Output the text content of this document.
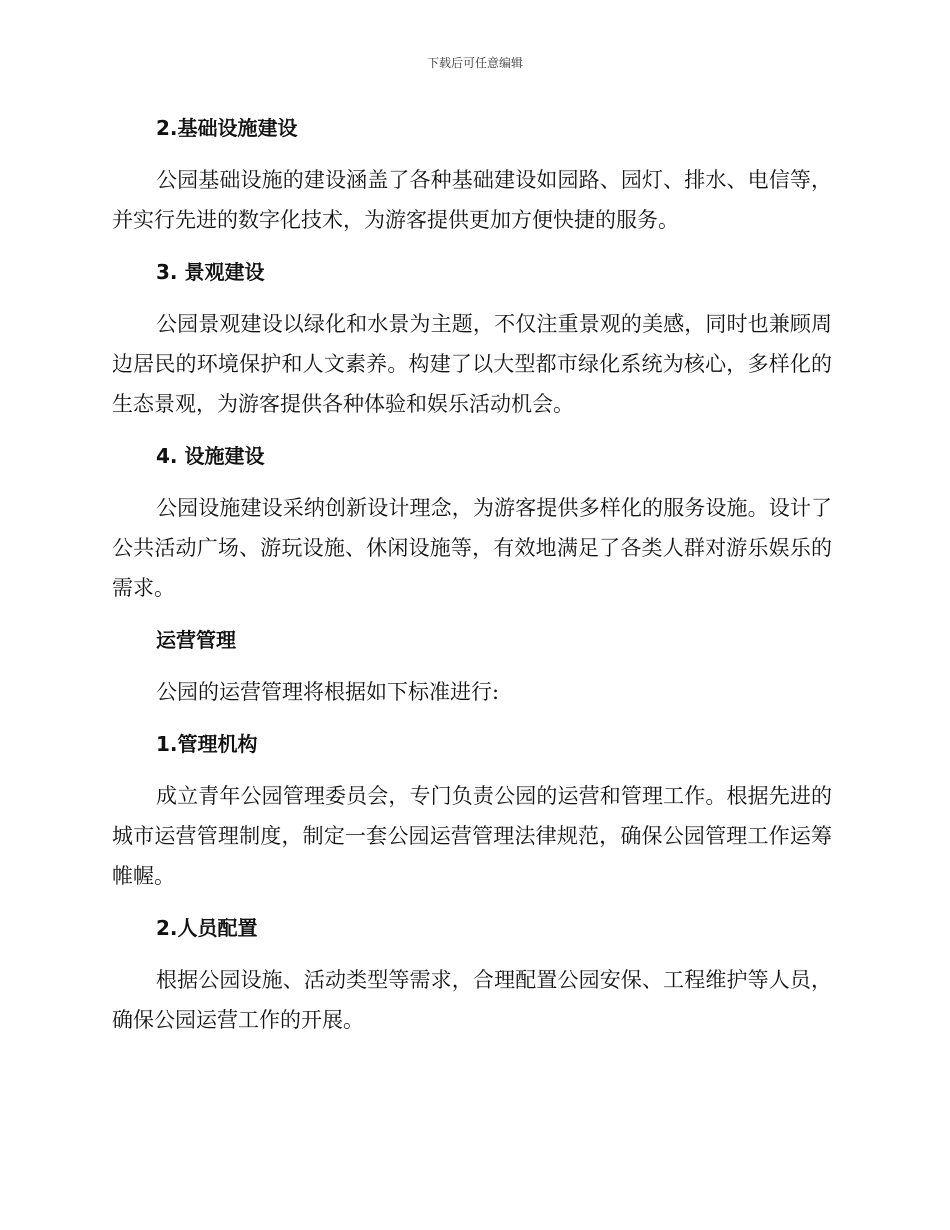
下载后可任意编辑

2.基础设施建设

公园基础设施的建设涵盖了各种基础建设如园路、园灯、排水、电信等，并实行先进的数字化技术，为游客提供更加方便快捷的服务。

3. 景观建设

公园景观建设以绿化和水景为主题，不仅注重景观的美感，同时也兼顾周边居民的环境保护和人文素养。构建了以大型都市绿化系统为核心，多样化的生态景观，为游客提供各种体验和娱乐活动机会。

4. 设施建设

公园设施建设采纳创新设计理念，为游客提供多样化的服务设施。设计了公共活动广场、游玩设施、休闲设施等，有效地满足了各类人群对游乐娱乐的需求。

运营管理

公园的运营管理将根据如下标准进行:

1.管理机构

成立青年公园管理委员会，专门负责公园的运营和管理工作。根据先进的城市运营管理制度，制定一套公园运营管理法律规范，确保公园管理工作运筹帷幄。

2.人员配置

根据公园设施、活动类型等需求，合理配置公园安保、工程维护等人员，确保公园运营工作的开展。
